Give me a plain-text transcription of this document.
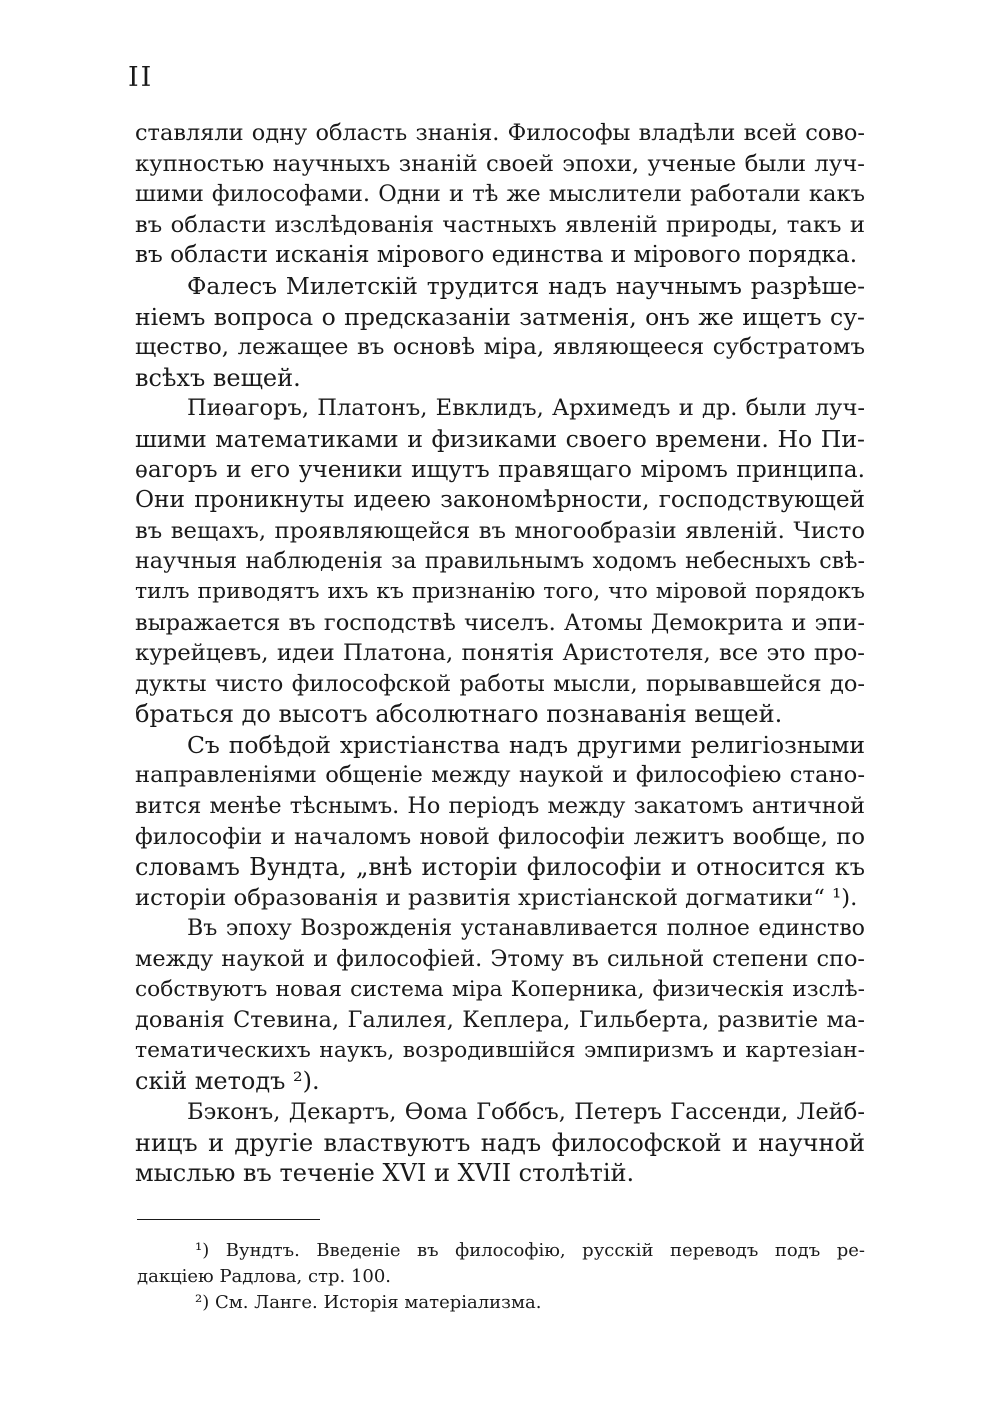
II
ставляли одну область знанія. Философы владѣли всей сово-
купностью научныхъ знаній своей эпохи, ученые были луч-
шими философами. Одни и тѣ же мыслители работали какъ
въ области изслѣдованія частныхъ явленій природы, такъ и
въ области исканія мірового единства и мірового порядка.
Фалесъ Милетскій трудится надъ научнымъ разрѣше-
ніемъ вопроса о предсказаніи затменія, онъ же ищетъ су-
щество, лежащее въ основѣ міра, являющееся субстратомъ
всѣхъ вещей.
Пиѳагоръ, Платонъ, Евклидъ, Архимедъ и др. были луч-
шими математиками и физиками своего времени. Но Пи-
ѳагоръ и его ученики ищутъ правящаго міромъ принципа.
Они проникнуты идеею закономѣрности, господствующей
въ вещахъ, проявляющейся въ многообразіи явленій. Чисто
научныя наблюденія за правильнымъ ходомъ небесныхъ свѣ-
тилъ приводятъ ихъ къ признанію того, что міровой порядокъ
выражается въ господствѣ чиселъ. Атомы Демокрита и эпи-
курейцевъ, идеи Платона, понятія Аристотеля, все это про-
дукты чисто философской работы мысли, порывавшейся до-
браться до высотъ абсолютнаго познаванія вещей.
Съ побѣдой христіанства надъ другими религіозными
направленіями общеніе между наукой и философіею стано-
вится менѣе тѣснымъ. Но періодъ между закатомъ античной
философіи и началомъ новой философіи лежитъ вообще, по
словамъ Вундта, „внѣ исторіи философіи и относится къ
исторіи образованія и развитія христіанской догматики“ ¹).
Въ эпоху Возрожденія устанавливается полное единство
между наукой и философіей. Этому въ сильной степени спо-
собствуютъ новая система міра Коперника, физическія изслѣ-
дованія Стевина, Галилея, Кеплера, Гильберта, развитіе ма-
тематическихъ наукъ, возродившійся эмпиризмъ и картезіан-
скій методъ ²).
Бэконъ, Декартъ, Ѳома Гоббсъ, Петеръ Гассенди, Лейб-
ницъ и другіе властвуютъ надъ философской и научной
мыслью въ теченіе XVI и XVII столѣтій.
¹) Вундтъ. Введеніе въ философію, русскій переводъ подъ ре-
дакціею Радлова, стр. 100.
²) См. Ланге. Исторія матеріализма.
